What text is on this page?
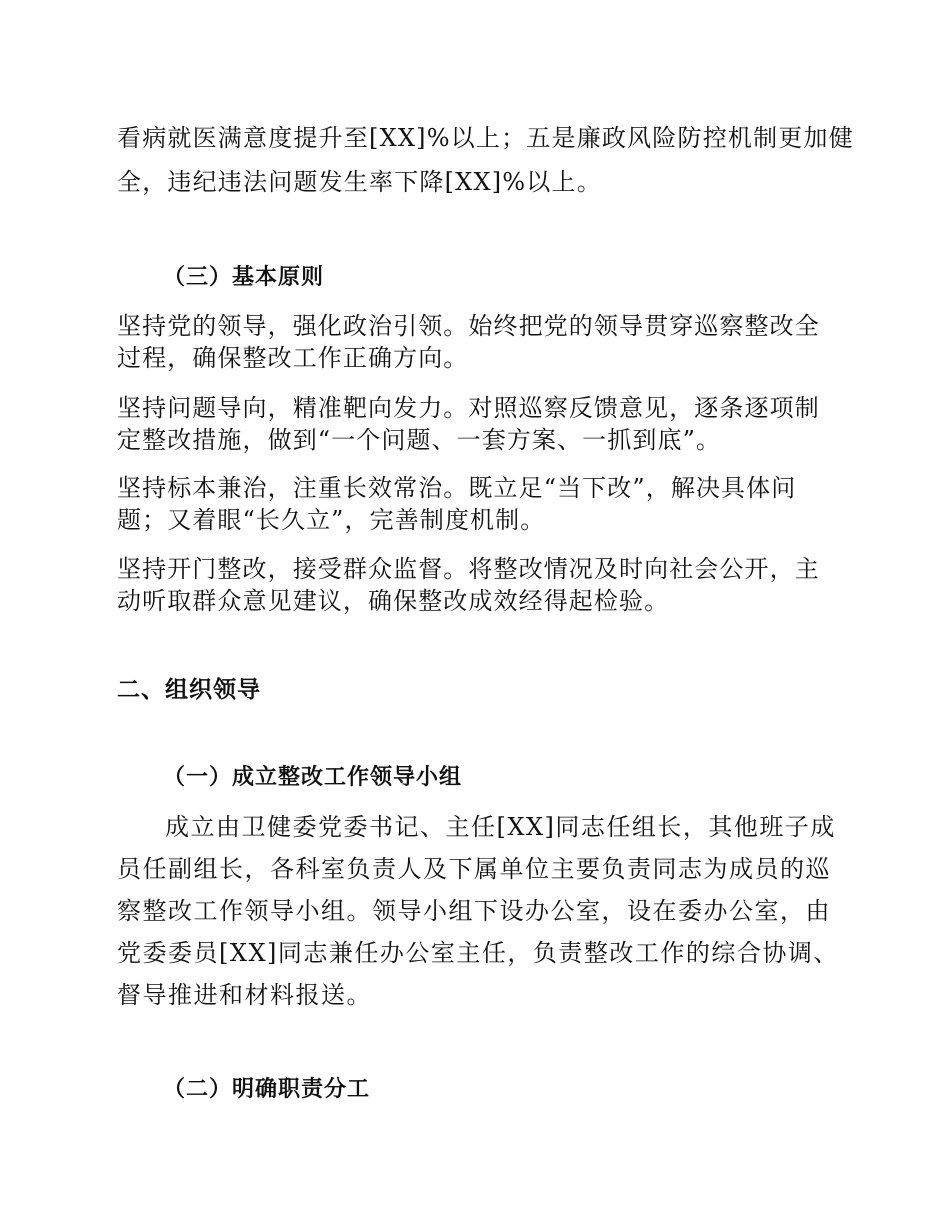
看病就医满意度提升至[XX]%以上；五是廉政风险防控机制更加健
全，违纪违法问题发生率下降[XX]%以上。
（三）基本原则

坚持党的领导，强化政治引领。始终把党的领导贯穿巡察整改全过程，确保整改工作正确方向。

坚持问题导向，精准靶向发力。对照巡察反馈意见，逐条逐项制定整改措施，做到“一个问题、一套方案、一抓到底”。

坚持标本兼治，注重长效常治。既立足“当下改”，解决具体问题；又着眼“长久立”，完善制度机制。

坚持开门整改，接受群众监督。将整改情况及时向社会公开，主动听取群众意见建议，确保整改成效经得起检验。

二、组织领导
（一）成立整改工作领导小组

成立由卫健委党委书记、主任[XX]同志任组长，其他班子成员任副组长，各科室负责人及下属单位主要负责同志为成员的巡察整改工作领导小组。领导小组下设办公室，设在委办公室，由党委委员[XX]同志兼任办公室主任，负责整改工作的综合协调、督导推进和材料报送。

（二）明确职责分工
